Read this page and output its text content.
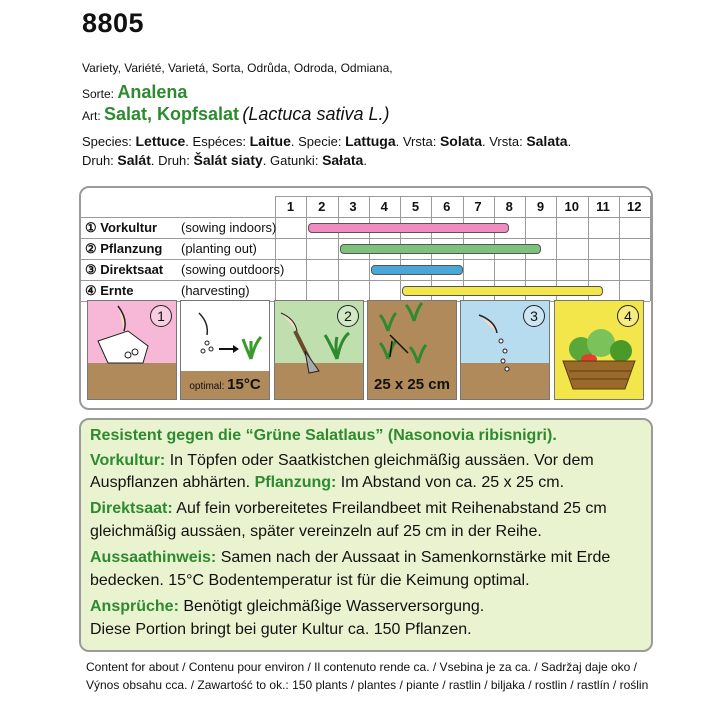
8805
Variety, Variété, Varietá, Sorta, Odrůda, Odroda, Odmiana,
Sorte: Analena
Art: Salat, Kopfsalat (Lactuca sativa L.)
Species: Lettuce. Espéces: Laitue. Specie: Lattuga. Vrsta: Solata. Vrsta: Salata.
Druh: Salát. Druh: Šalát siaty. Gatunki: Sałata.
1	2	3	4	5	6	7	8	9	10	11	12
① Vorkultur (sowing indoors)
② Pflanzung (planting out)
③ Direktsaat (sowing outdoors)
④ Ernte	(harvesting)
1
optimal: 15°C
2
25 x 25 cm
3	4

Resistent gegen die “Grüne Salatlaus” (Nasonovia ribisnigri).

Vorkultur: In Töpfen oder Saatkistchen gleichmäßig aussäen. Vor dem

Auspflanzen abhärten. Pflanzung: Im Abstand von ca. 25 x 25 cm.

Direktsaat: Auf fein vorbereitetes Freilandbeet mit Reihenabstand 25 cm

gleichmäßig aussäen, später vereinzeln auf 25 cm in der Reihe.

Aussaathinweis: Samen nach der Aussaat in Samenkornstärke mit Erde

bedecken. 15°C Bodentemperatur ist für die Keimung optimal.

Ansprüche: Benötigt gleichmäßige Wasserversorgung.

Diese Portion bringt bei guter Kultur ca. 150 Pflanzen.

Content for about / Contenu pour environ / Il contenuto rende ca. / Vsebina je za ca. / Sadržaj daje oko /
Výnos obsahu cca. / Zawartość to ok.: 150 plants / plantes / piante / rastlin / biljaka / rostlin / rastlín / roślin
